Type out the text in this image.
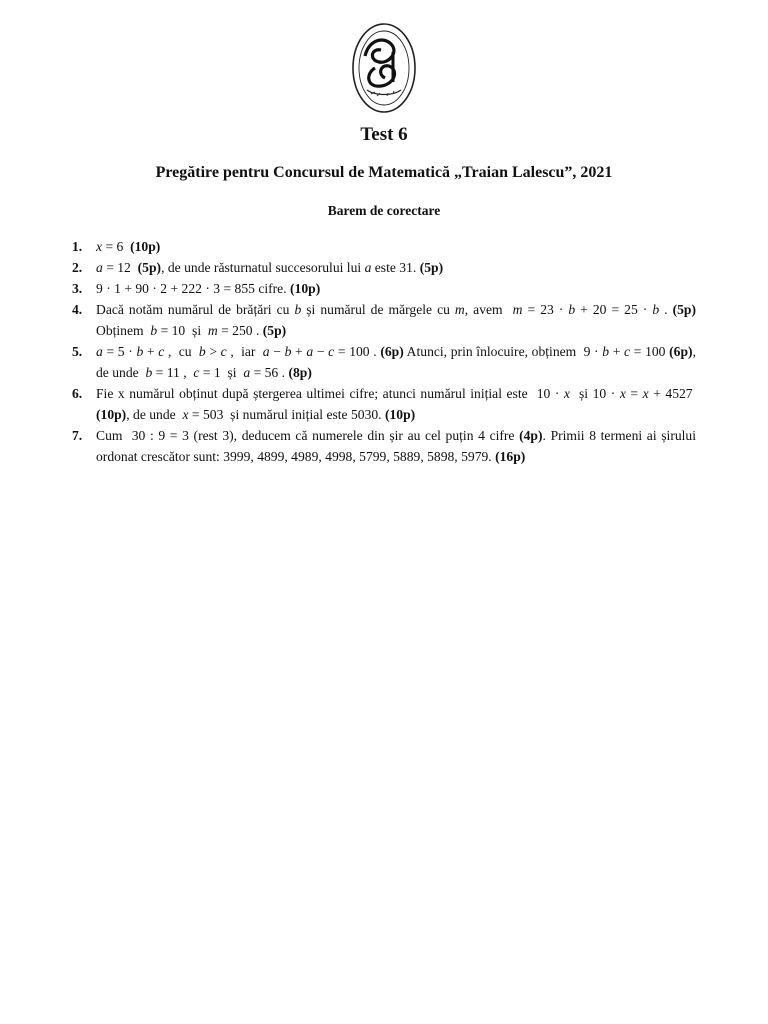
Test 6
Pregătire pentru Concursul de Matematică „Traian Lalescu”, 2021
Barem de corectare
1. x = 6  (10p)
2. a = 12  (5p), de unde răsturnatul succesorului lui a este 31. (5p)
3. 9 · 1 + 90 · 2 + 222 · 3 = 855 cifre. (10p)
4. Dacă notăm numărul de brățări cu b și numărul de mărgele cu m, avem  m = 23 · b + 20 = 25 · b . (5p) Obținem  b = 10  și  m = 250 . (5p)
5. a = 5 · b + c ,  cu  b > c ,  iar  a − b + a − c = 100 . (6p) Atunci, prin înlocuire, obținem  9 · b + c = 100 (6p), de unde  b = 11 ,  c = 1  și  a = 56 . (8p)
6. Fie x numărul obținut după ștergerea ultimei cifre; atunci numărul inițial este  10 · x  și 10 · x = x + 4527  (10p), de unde  x = 503  și numărul inițial este 5030. (10p)
7. Cum  30 : 9 = 3 (rest 3), deducem că numerele din șir au cel puțin 4 cifre (4p). Primii 8 termeni ai șirului ordonat crescător sunt: 3999, 4899, 4989, 4998, 5799, 5889, 5898, 5979. (16p)
